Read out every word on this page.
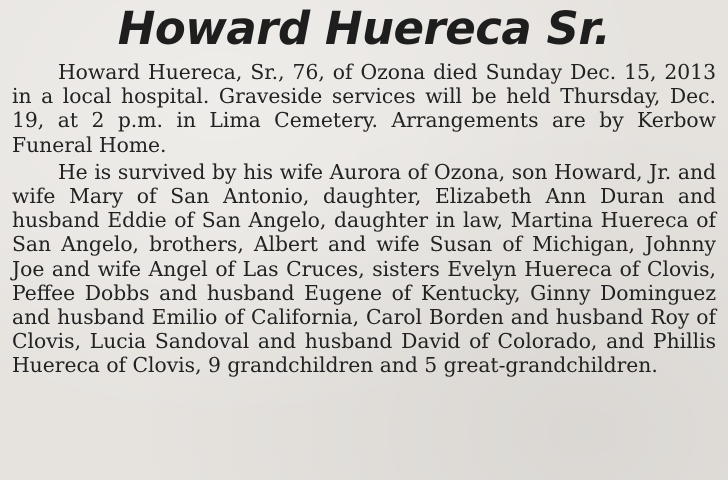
Howard Huereca Sr.

Howard Huereca, Sr., 76, of Ozona died Sunday Dec. 15, 2013 in a local hospital. Graveside services will be held Thursday, Dec. 19, at 2 p.m. in Lima Cemetery. Arrangements are by Kerbow Funeral Home.

He is survived by his wife Aurora of Ozona, son Howard, Jr. and wife Mary of San Antonio, daughter, Elizabeth Ann Duran and husband Eddie of San Angelo, daughter in law, Martina Huereca of San Angelo, brothers, Albert and wife Susan of Michigan, Johnny Joe and wife Angel of Las Cruces, sisters Evelyn Huereca of Clovis, Peffee Dobbs and husband Eugene of Kentucky, Ginny Dominguez and husband Emilio of California, Carol Borden and husband Roy of Clovis, Lucia Sandoval and husband David of Colorado, and Phillis Huereca of Clovis, 9 grandchildren and 5 great-grandchildren.
